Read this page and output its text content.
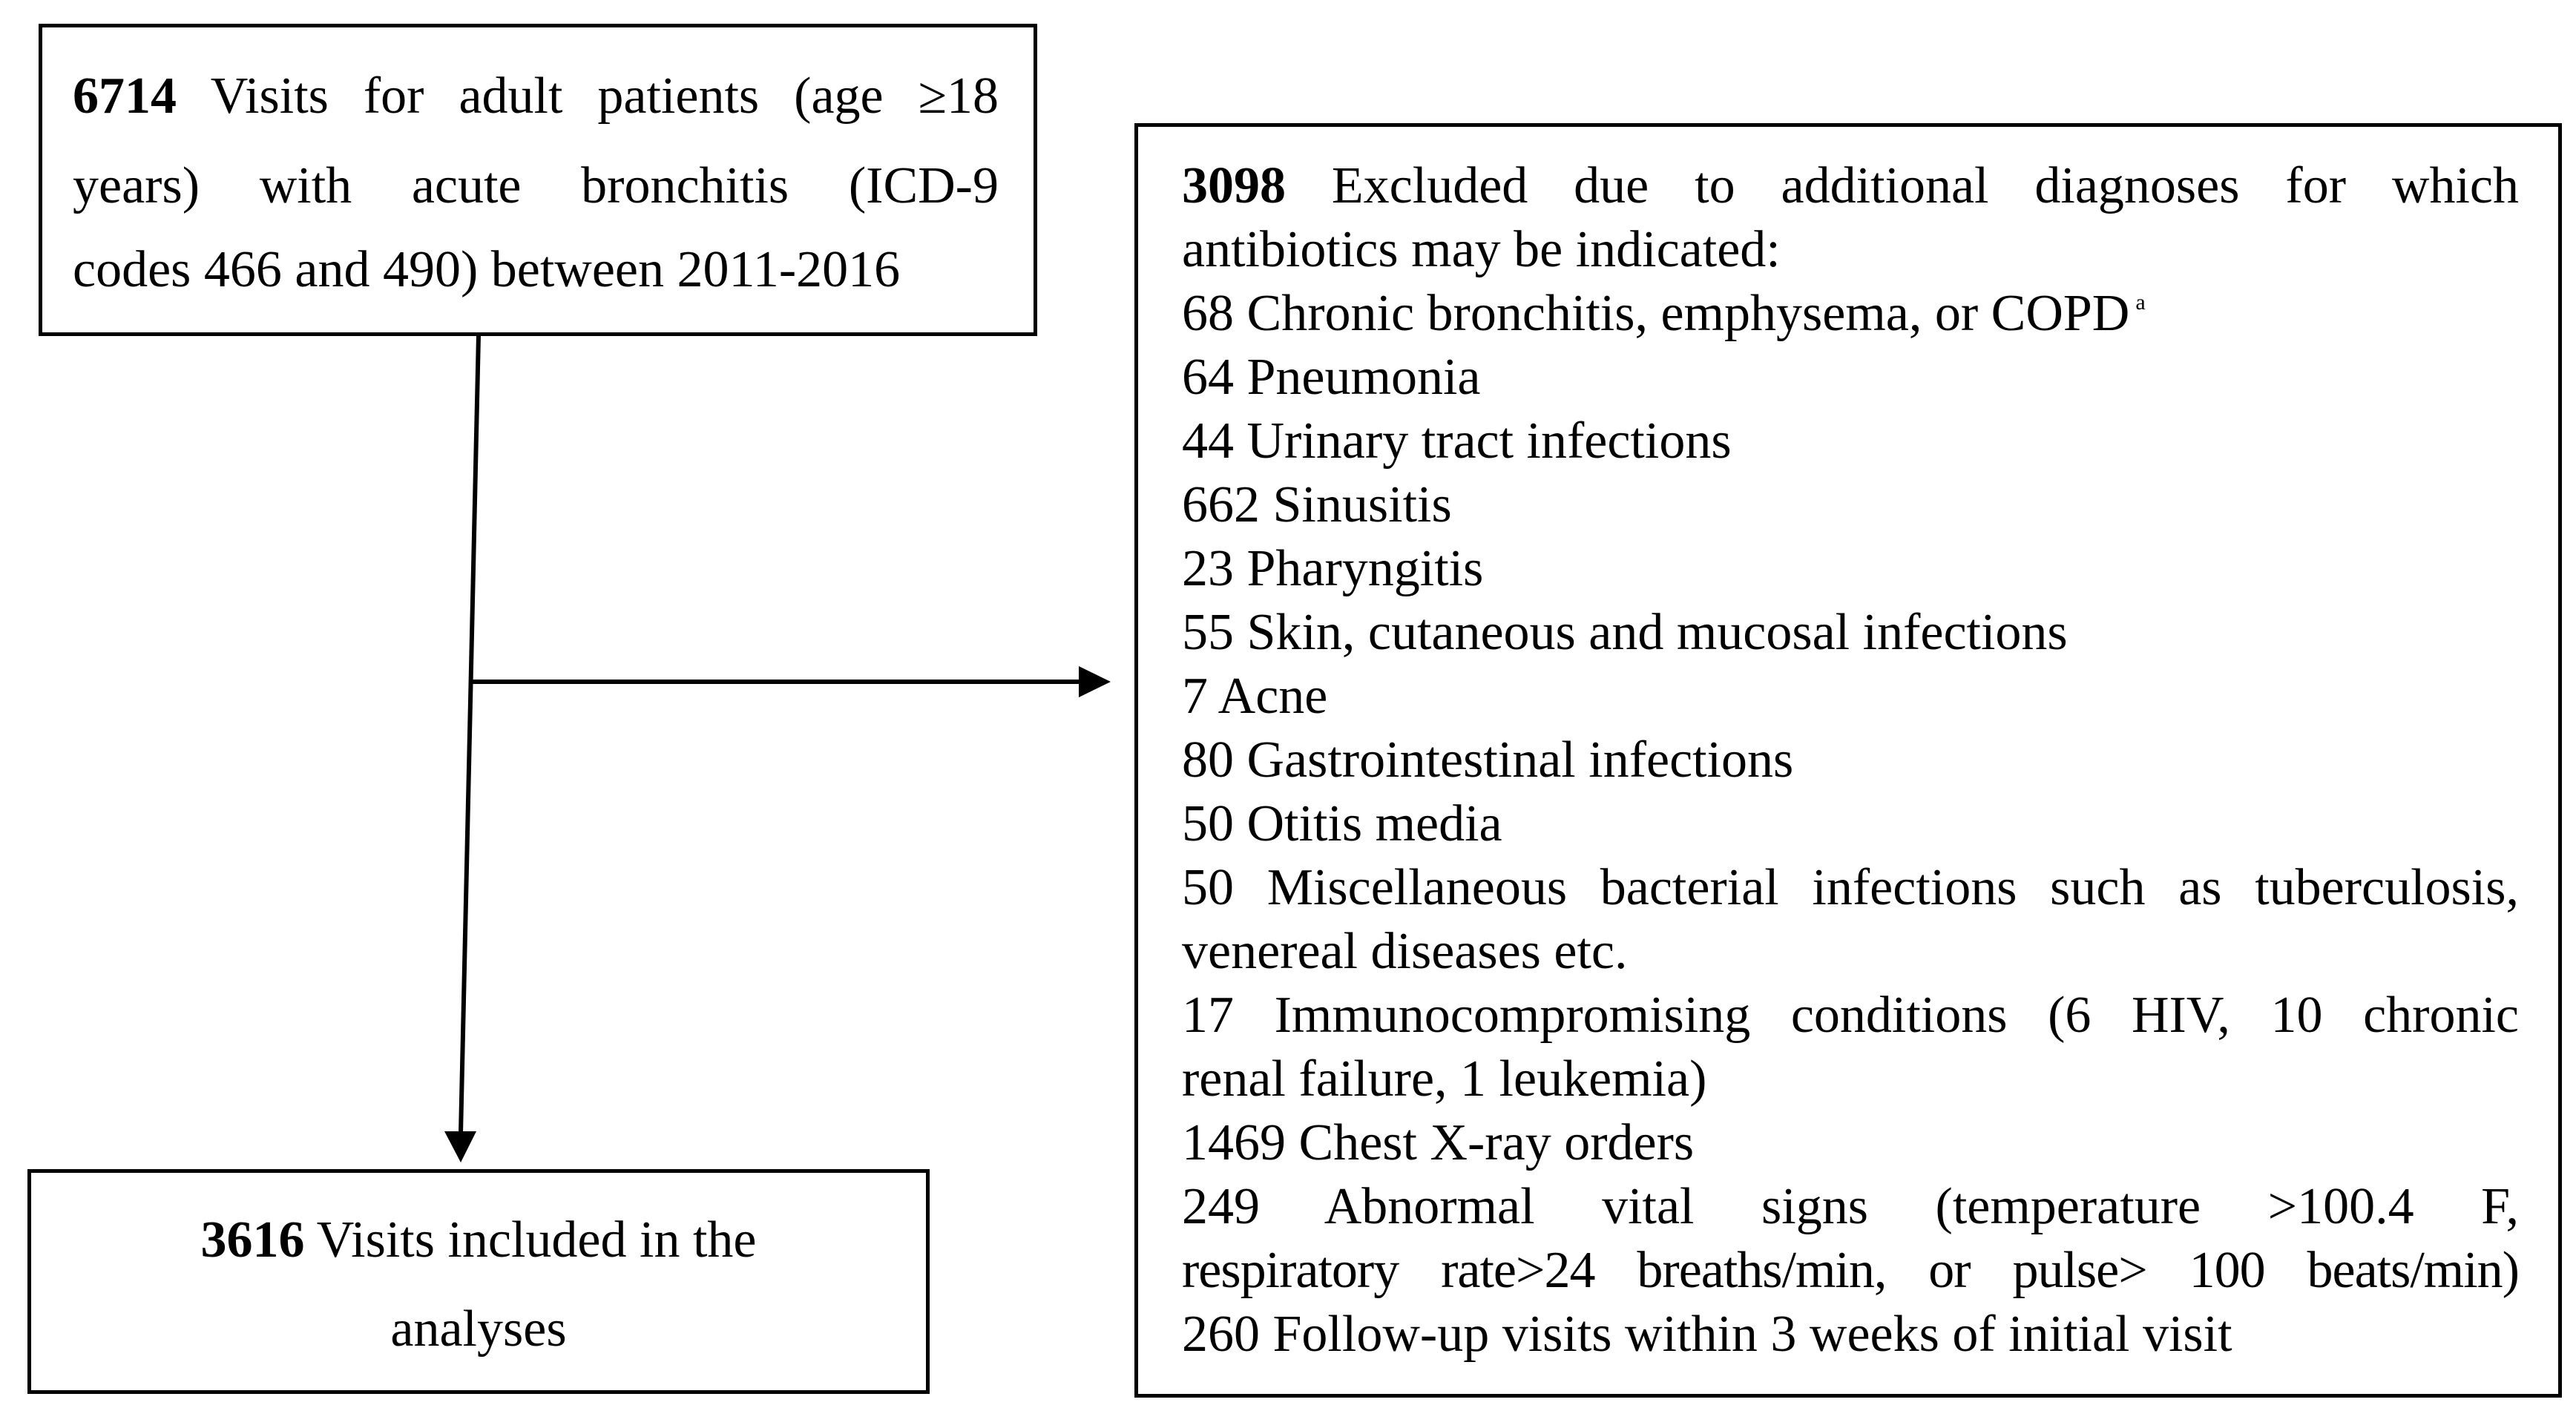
6714 Visits for adult patients (age ≥18
years) with acute bronchitis (ICD-9
codes 466 and 490) between 2011-2016
3098 Excluded due to additional diagnoses for which
antibiotics may be indicated:
68 Chronic bronchitis, emphysema, or COPD $^a$
64 Pneumonia
44 Urinary tract infections
662 Sinusitis
23 Pharyngitis
55 Skin, cutaneous and mucosal infections
7 Acne
80 Gastrointestinal infections
50 Otitis media
50 Miscellaneous bacterial infections such as tuberculosis,
venereal diseases etc.
17 Immunocompromising conditions (6 HIV, 10 chronic
renal failure, 1 leukemia)
1469 Chest X-ray orders
249 Abnormal vital signs (temperature >100.4 F,
respiratory rate>24 breaths/min, or pulse> 100 beats/min)
260 Follow-up visits within 3 weeks of initial visit
3616 Visits included in the
analyses
